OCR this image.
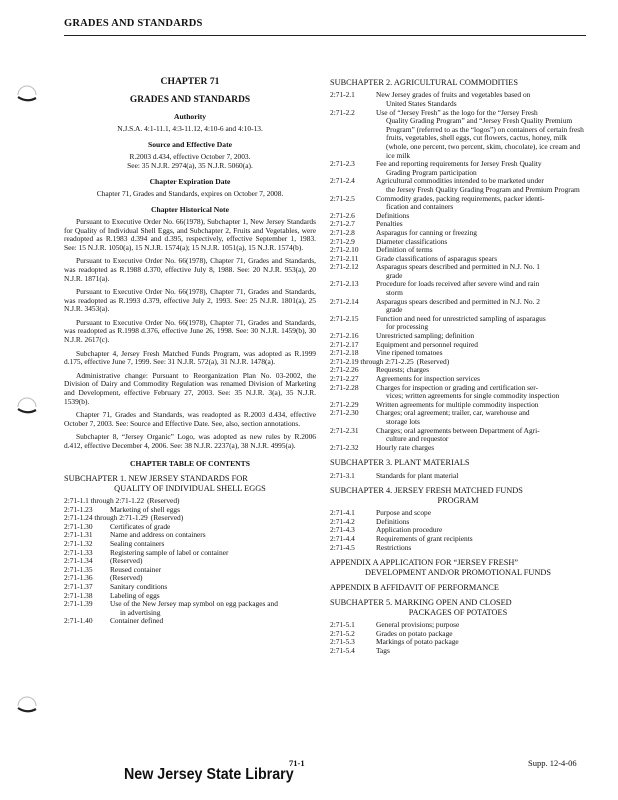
GRADES AND STANDARDS
CHAPTER 71
GRADES AND STANDARDS
Authority

N.J.S.A. 4:1-11.1, 4:3-11.12, 4:10-6 and 4:10-13.

Source and Effective Date

R.2003 d.434, effective October 7, 2003.

See: 35 N.J.R. 2974(a), 35 N.J.R. 5060(a).

Chapter Expiration Date

Chapter 71, Grades and Standards, expires on October 7, 2008.

Chapter Historical Note

Pursuant to Executive Order No. 66(1978), Subchapter 1, New Jersey Standards for Quality of Individual Shell Eggs, and Subchapter 2, Fruits and Vegetables, were readopted as R.1983 d.394 and d.395, respectively, effective September 1, 1983. See: 15 N.J.R. 1050(a), 15 N.J.R. 1574(a); 15 N.J.R. 1051(a), 15 N.J.R. 1574(b).

Pursuant to Executive Order No. 66(1978), Chapter 71, Grades and Standards, was readopted as R.1988 d.370, effective July 8, 1988. See: 20 N.J.R. 953(a), 20 N.J.R. 1871(a).

Pursuant to Executive Order No. 66(1978), Chapter 71, Grades and Standards, was readopted as R.1993 d.379, effective July 2, 1993. See: 25 N.J.R. 1801(a), 25 N.J.R. 3453(a).

Pursuant to Executive Order No. 66(1978), Chapter 71, Grades and Standards, was readopted as R.1998 d.376, effective June 26, 1998. See: 30 N.J.R. 1459(b), 30 N.J.R. 2617(c).

Subchapter 4, Jersey Fresh Matched Funds Program, was adopted as R.1999 d.175, effective June 7, 1999. See: 31 N.J.R. 572(a), 31 N.J.R. 1478(a).

Administrative change: Pursuant to Reorganization Plan No. 03-2002, the Division of Dairy and Commodity Regulation was renamed Division of Marketing and Development, effective February 27, 2003. See: 35 N.J.R. 3(a), 35 N.J.R. 1539(b).

Chapter 71, Grades and Standards, was readopted as R.2003 d.434, effective October 7, 2003. See: Source and Effective Date. See, also, section annotations.

Subchapter 8, “Jersey Organic” Logo, was adopted as new rules by R.2006 d.412, effective December 4, 2006. See: 38 N.J.R. 2237(a), 38 N.J.R. 4995(a).

CHAPTER TABLE OF CONTENTS
SUBCHAPTER 1. NEW JERSEY STANDARDS FOR
QUALITY OF INDIVIDUAL SHELL EGGS
2:71-1.1 through 2:71-1.22 (Reserved)
2:71-1.23	Marketing of shell eggs
2:71-1.24 through 2:71-1.29 (Reserved)
2:71-1.30	Certificates of grade
2:71-1.31	Name and address on containers
2:71-1.32	Sealing containers
2:71-1.33	Registering sample of label or container
2:71-1.34	(Reserved)
2:71-1.35	Reused container
2:71-1.36	(Reserved)
2:71-1.37	Sanitary conditions
2:71-1.38	Labeling of eggs
2:71-1.39	Use of the New Jersey map symbol on egg packages and
in advertising
2:71-1.40	Container defined
SUBCHAPTER 2. AGRICULTURAL COMMODITIES
2:71-2.1	New Jersey grades of fruits and vegetables based on
United States Standards
2:71-2.2	Use of “Jersey Fresh” as the logo for the “Jersey Fresh
Quality Grading Program” and “Jersey Fresh Quality Premium Program” (referred to as the “logos”) on containers of certain fresh fruits, vegetables, shell eggs, cut flowers, cactus, honey, milk (whole, one percent, two percent, skim, chocolate), ice cream and ice milk
2:71-2.3	Fee and reporting requirements for Jersey Fresh Quality
Grading Program participation
2:71-2.4	Agricultural commodities intended to be marketed under
the Jersey Fresh Quality Grading Program and Premium Program
2:71-2.5	Commodity grades, packing requirements, packer identi-
fication and containers
2:71-2.6	Definitions
2:71-2.7	Penalties
2:71-2.8	Asparagus for canning or freezing
2:71-2.9	Diameter classifications
2:71-2.10	Definition of terms
2:71-2.11	Grade classifications of asparagus spears
2:71-2.12	Asparagus spears described and permitted in N.J. No. 1
grade
2:71-2.13	Procedure for loads received after severe wind and rain
storm
2:71-2.14	Asparagus spears described and permitted in N.J. No. 2
grade
2:71-2.15	Function and need for unrestricted sampling of asparagus
for processing
2:71-2.16	Unrestricted sampling; definition
2:71-2.17	Equipment and personnel required
2:71-2.18	Vine ripened tomatoes
2:71-2.19 through 2:71-2.25 (Reserved)
2:71-2.26	Requests; charges
2:71-2.27	Agreements for inspection services
2:71-2.28	Charges for inspection or grading and certification ser-
vices; written agreements for single commodity inspection
2:71-2.29	Written agreements for multiple commodity inspection
2:71-2.30	Charges; oral agreement; trailer, car, warehouse and
storage lots
2:71-2.31	Charges; oral agreements between Department of Agri-
culture and requestor
2:71-2.32	Hourly rate charges
SUBCHAPTER 3. PLANT MATERIALS
2:71-3.1	Standards for plant material
SUBCHAPTER 4. JERSEY FRESH MATCHED FUNDS
PROGRAM
2:71-4.1	Purpose and scope
2:71-4.2	Definitions
2:71-4.3	Application procedure
2:71-4.4	Requirements of grant recipients
2:71-4.5	Restrictions
APPENDIX A APPLICATION FOR “JERSEY FRESH”
DEVELOPMENT AND/OR PROMOTIONAL FUNDS
APPENDIX B AFFIDAVIT OF PERFORMANCE
SUBCHAPTER 5. MARKING OPEN AND CLOSED
PACKAGES OF POTATOES
2:71-5.1	General provisions; purpose
2:71-5.2	Grades on potato package
2:71-5.3	Markings of potato package
2:71-5.4	Tags
71-1	Supp. 12-4-06
New Jersey State Library
